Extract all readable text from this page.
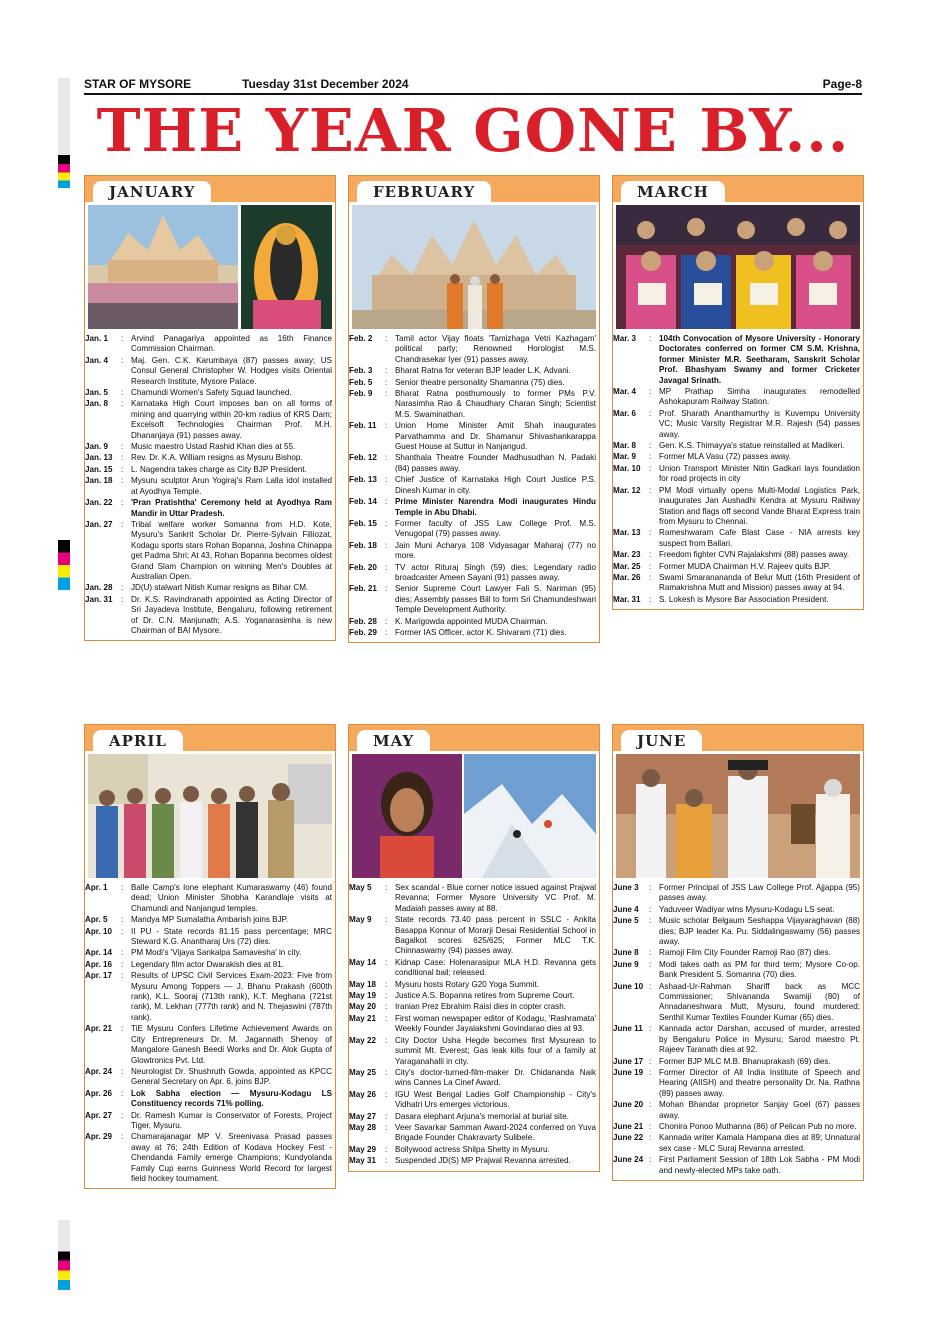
STAR OF MYSORE	Tuesday 31st December 2024	Page-8
THE YEAR GONE BY...
JANUARY
Jan. 1	: Arvind Panagariya appointed as 16th Finance Commission Chairman.
Jan. 4	: Maj. Gen. C.K. Karumbaya (87) passes away; US Consul General Christopher W. Hodges visits Oriental Research Institute, Mysore Palace.
Jan. 5	: Chamundi Women's Safety Squad launched.
Jan. 8	: Karnataka High Court imposes ban on all forms of mining and quarrying within 20-km radius of KRS Dam; Excelsoft Technologies Chairman Prof. M.H. Dhananjaya (91) passes away.
Jan. 9	: Music maestro Ustad Rashid Khan dies at 55.
Jan. 13	: Rev. Dr. K.A. William resigns as Mysuru Bishop.
Jan. 15	: L. Nagendra takes charge as City BJP President.
Jan. 18	: Mysuru sculptor Arun Yogiraj's Ram Lalla idol installed at Ayodhya Temple.
Jan. 22	: 'Pran Pratishtha' Ceremony held at Ayodhya Ram Mandir in Uttar Pradesh.
Jan. 27	: Tribal welfare worker Somanna from H.D. Kote, Mysuru's Sankrit Scholar Dr. Pierre-Sylvain Filliozat, Kodagu sports stars Rohan Bopanna, Joshna Chinappa get Padma Shri; At 43, Rohan Bopanna becomes oldest Grand Slam Champion on winning Men's Doubles at Australian Open.
Jan. 28	: JD(U) stalwart Nitish Kumar resigns as Bihar CM.
Jan. 31	: Dr. K.S. Ravindranath appointed as Acting Director of Sri Jayadeva Institute, Bengaluru, following retirement of Dr. C.N. Manjunath; A.S. Yoganarasimha is new Chairman of BAI Mysore.
FEBRUARY
Feb. 2	: Tamil actor Vijay floats 'Tamizhaga Vetri Kazhagam' political party; Renowned Horologist M.S. Chandrasekar Iyer (91) passes away.
Feb. 3	: Bharat Ratna for veteran BJP leader L.K. Advani.
Feb. 5	: Senior theatre personality Shamanna (75) dies.
Feb. 9	: Bharat Ratna posthumously to former PMs P.V. Narasimha Rao & Chaudhary Charan Singh; Scientist M.S. Swaminathan.
Feb. 11	: Union Home Minister Amit Shah inaugurates Parvathamma and Dr. Shamanur Shivashankarappa Guest House at Suttur in Nanjangud.
Feb. 12	: Shanthala Theatre Founder Madhusudhan N. Padaki (84) passes away.
Feb. 13	: Chief Justice of Karnataka High Court Justice P.S. Dinesh Kumar in city.
Feb. 14	: Prime Minister Narendra Modi inaugurates Hindu Temple in Abu Dhabi.
Feb. 15	: Former faculty of JSS Law College Prof. M.S. Venugopal (79) passes away.
Feb. 18	: Jain Muni Acharya 108 Vidyasagar Maharaj (77) no more.
Feb. 20	: TV actor Rituraj Singh (59) dies; Legendary radio broadcaster Ameen Sayani (91) passes away.
Feb. 21	: Senior Supreme Court Lawyer Fali S. Nariman (95) dies; Assembly passes Bill to form Sri Chamundeshwari Temple Development Authority.
Feb. 28	: K. Marigowda appointed MUDA Chairman.
Feb. 29	: Former IAS Officer, actor K. Shivaram (71) dies.
MARCH
Mar. 3	: 104th Convocation of Mysore University - Honorary Doctorates conferred on former CM S.M. Krishna, former Minister M.R. Seetharam, Sanskrit Scholar Prof. Bhashyam Swamy and former Cricketer Javagal Srinath.
Mar. 4	: MP Prathap Simha inaugurates remodelled Ashokapuram Railway Station.
Mar. 6	: Prof. Sharath Ananthamurthy is Kuvempu University VC; Music Varsity Registrar M.R. Rajesh (54) passes away.
Mar. 8	: Gen. K.S. Thimayya's statue reinstalled at Madikeri.
Mar. 9	: Former MLA Vasu (72) passes away.
Mar. 10	: Union Transport Minister Nitin Gadkari lays foundation for road projects in city
Mar. 12	: PM Modi virtually opens Multi-Modal Logistics Park, inaugurates Jan Aushadhi Kendra at Mysuru Railway Station and flags off second Vande Bharat Express train from Mysuru to Chennai.
Mar. 13	: Rameshwaram Cafe Blast Case - NIA arrests key suspect from Ballari.
Mar. 23	: Freedom fighter CVN Rajalakshmi (88) passes away.
Mar. 25	: Former MUDA Chairman H.V. Rajeev quits BJP.
Mar. 26	: Swami Smaranananda of Belur Mutt (16th President of Ramakrishna Mutt and Mission) passes away at 94.
Mar. 31	: S. Lokesh is Mysore Bar Association President.
APRIL
Apr. 1	: Balle Camp's lone elephant Kumaraswamy (46) found dead; Union Minister Shobha Karandlaje visits at Chamundi and Nanjangud temples.
Apr. 5	: Mandya MP Sumalatha Ambarish joins BJP.
Apr. 10	: II PU - State records 81.15 pass percentage; MRC Steward K.G. Anantharaj Urs (72) dies.
Apr. 14	: PM Modi's 'Vijaya Sankalpa Samavesha' in city.
Apr. 16	: Legendary film actor Dwarakish dies at 81.
Apr. 17	: Results of UPSC Civil Services Exam-2023: Five from Mysuru Among Toppers — J. Bhanu Prakash (600th rank), K.L. Sooraj (713th rank), K.T. Meghana (721st rank), M. Lekhan (777th rank) and N. Thejaswini (787th rank).
Apr. 21	: TiE Mysuru Confers Lifetime Achievement Awards on City Entrepreneurs Dr. M. Jagannath Shenoy of Mangalore Ganesh Beedi Works and Dr. Alok Gupta of Glowtronics Pvt. Ltd.
Apr. 24	: Neurologist Dr. Shushruth Gowda, appointed as KPCC General Secretary on Apr. 6, joins BJP.
Apr. 26	: Lok Sabha election — Mysuru-Kodagu LS Constituency records 71% polling.
Apr. 27	: Dr. Ramesh Kumar is Conservator of Forests, Project Tiger, Mysuru.
Apr. 29	: Chamarajanagar MP V. Sreenivasa Prasad passes away at 76; 24th Edition of Kodava Hockey Fest - Chendanda Family emerge Champions; Kundyolanda Family Cup earns Guinness World Record for largest field hockey tournament.
MAY
May 5	: Sex scandal - Blue corner notice issued against Prajwal Revanna; Former Mysore University VC Prof. M. Madaiah passes away at 88.
May 9	: State records 73.40 pass percent in SSLC - Ankita Basappa Konnur of Morarji Desai Residential School in Bagalkot scores 625/625; Former MLC T.K. Chinnaswamy (94) passes away.
May 14	: Kidnap Case: Holenarasipur MLA H.D. Revanna gets conditional bail; released.
May 18	: Mysuru hosts Rotary G20 Yoga Summit.
May 19	: Justice A.S. Bopanna retires from Supreme Court.
May 20	: Iranian Prez Ebrahim Raisi dies in copter crash.
May 21	: First woman newspaper editor of Kodagu, 'Rashramata' Weekly Founder Jayalakshmi Govindarao dies at 93.
May 22	: City Doctor Usha Hegde becomes first Mysurean to summit Mt. Everest; Gas leak kills four of a family at Yaraganahalli in city.
May 25	: City's doctor-turned-film-maker Dr. Chidananda Naik wins Cannes La Cinef Award.
May 26	: IGU West Bengal Ladies Golf Championship - City's Vidhatri Urs emerges victorious.
May 27	: Dasara elephant Arjuna's memorial at burial site.
May 28	: Veer Savarkar Samman Award-2024 conferred on Yuva Brigade Founder Chakravarty Sulibele.
May 29	: Bollywood actress Shilpa Shetty in Mysuru.
May 31	: Suspended JD(S) MP Prajwal Revanna arrested.
JUNE
June 3	: Former Principal of JSS Law College Prof. Ajjappa (95) passes away.
June 4	: Yaduveer Wadiyar wins Mysuru-Kodagu LS seat.
June 5	: Music scholar Belgaum Seshappa Vijayaraghavan (88) dies; BJP leader Ka. Pu. Siddalingaswamy (56) passes away.
June 8	: Ramoji Film City Founder Ramoji Rao (87) dies.
June 9	: Modi takes oath as PM for third term; Mysore Co-op. Bank President S. Somanna (70) dies.
June 10 : Ashaad-Ur-Rahman Shariff back as MCC Commissioner; Shivananda Swamiji (80) of Annadaneshwara Mutt, Mysuru, found murdered; Senthil Kumar Textiles Founder Kumar (65) dies.
June 11 : Kannada actor Darshan, accused of murder, arrested by Bengaluru Police in Mysuru; Sarod maestro Pt. Rajeev Taranath dies at 92.
June 17 : Former BJP MLC M.B. Bhanuprakash (69) dies.
June 19 : Former Director of All India Institute of Speech and Hearing (AIISH) and theatre personality Dr. Na. Rathna (89) passes away.
June 20 : Mohan Bhandar proprietor Sanjay Goel (67) passes away.
June 21 : Chonira Ponoo Muthanna (86) of Pelican Pub no more.
June 22 : Kannada writer Kamala Hampana dies at 89; Unnatural sex case - MLC Suraj Revanna arrested.
June 24 : First Parliament Session of 18th Lok Sabha - PM Modi and newly-elected MPs take oath.
